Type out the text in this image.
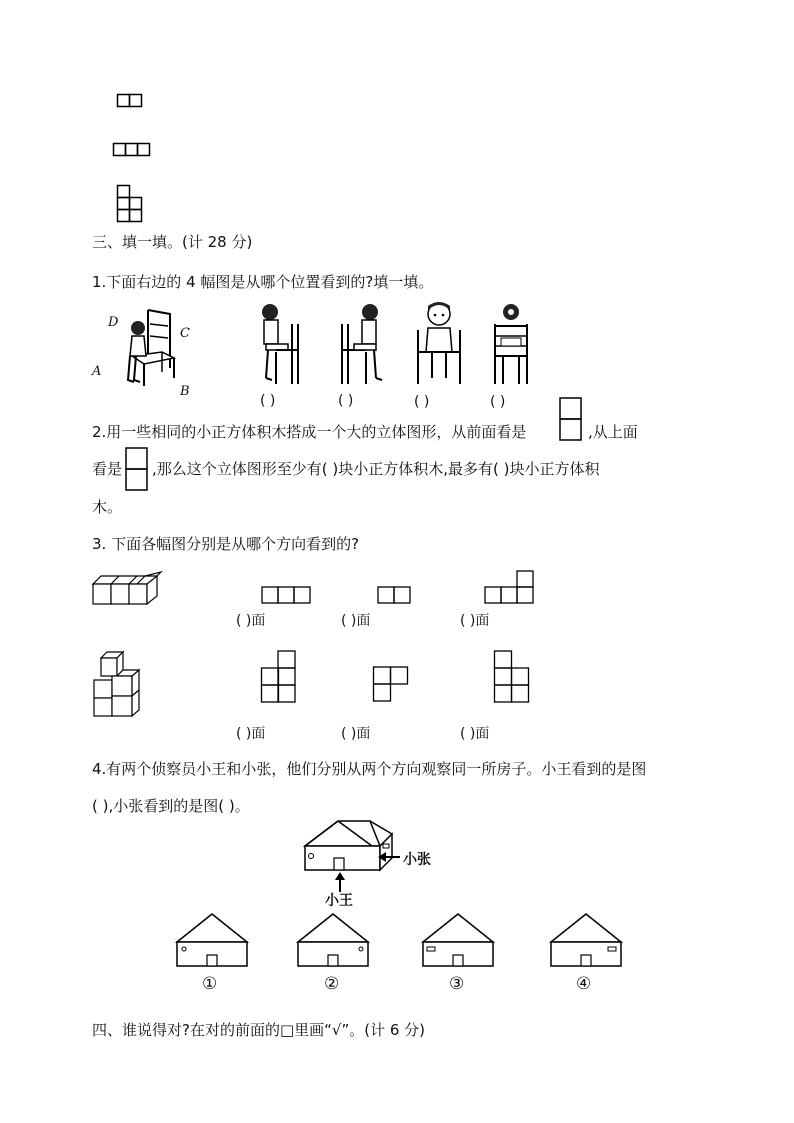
三、填一填。(计 28 分)
1.下面右边的 4 幅图是从哪个位置看到的?填一填。
D
C
A
B
( )	( )	( )	( )
2.用一些相同的小正方体积木搭成一个大的立体图形，从前面看是	,从上面
看是 ,那么这个立体图形至少有( )块小正方体积木,最多有( )块小正方体积
木。
3. 下面各幅图分别是从哪个方向看到的?
( )面	( )面	( )面
( )面	( )面	( )面
4.有两个侦察员小王和小张，他们分别从两个方向观察同一所房子。小王看到的是图
( ),小张看到的是图( )。
小张
小王
①	②	③	④
四、谁说得对?在对的前面的□里画“√”。(计 6 分)
